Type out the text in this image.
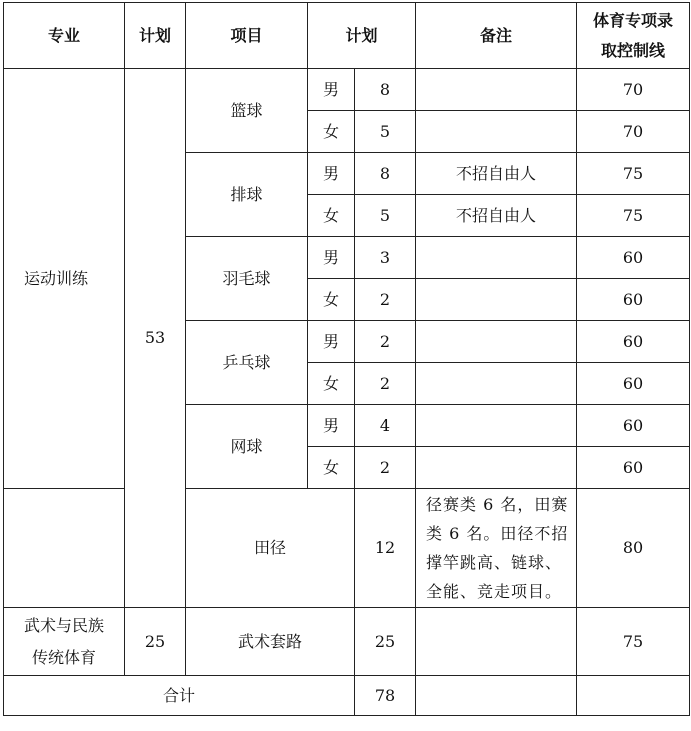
专业	计划	项目	计划		备注	体育专项录
取控制线
运动训练	53	篮球	男	8		70
			女	5		70
		排球	男	8	不招自由人	75
			女	5	不招自由人	75
		羽毛球	男	3		60
			女	2		60
		乒乓球	男	2		60
			女	2		60
		网球	男	4		60
			女	2		60
		田径		12	径赛类 6 名，田赛类 6 名。田径不招撑竿跳高、链球、全能、竞走项目。	80
武术与民族
传统体育	25	武术套路		25		75
合计				78		
